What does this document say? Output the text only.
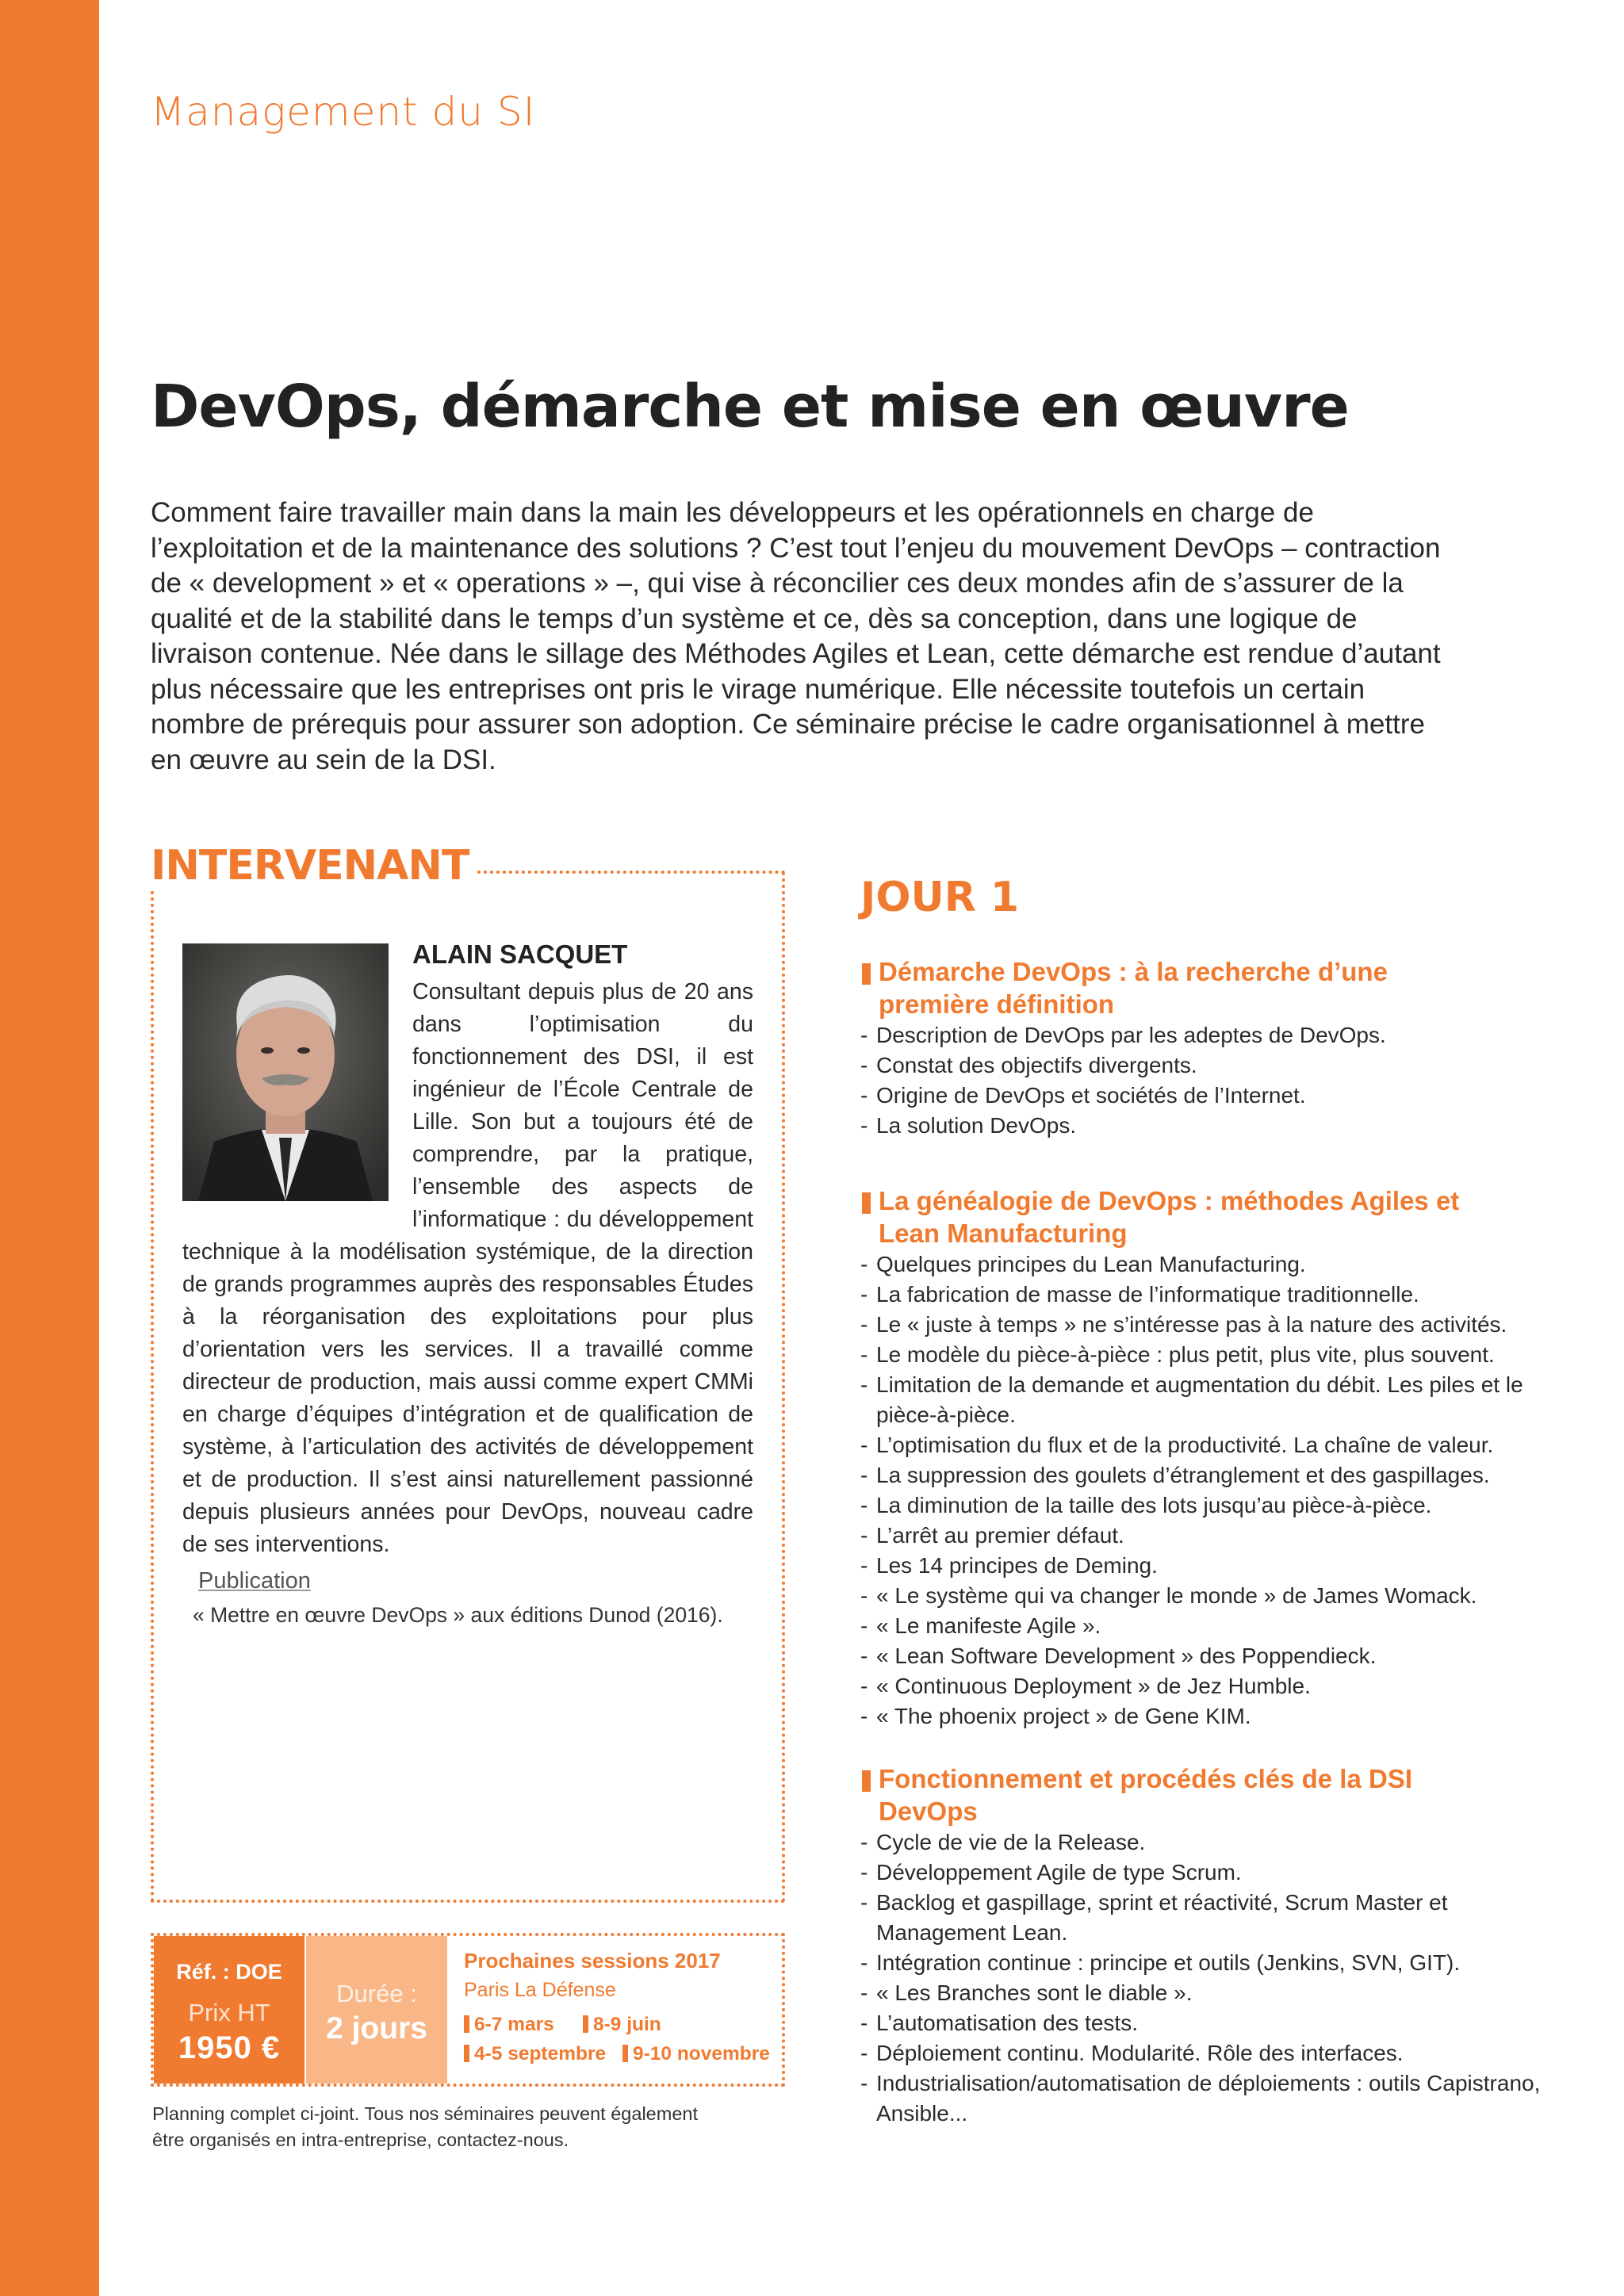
Management du SI
DevOps, démarche et mise en œuvre
Comment faire travailler main dans la main les développeurs et les opérationnels en charge de
l’exploitation et de la maintenance des solutions ? C’est tout l’enjeu du mouvement DevOps – contraction
de « development » et « operations » –, qui vise à réconcilier ces deux mondes afin de s’assurer de la
qualité et de la stabilité dans le temps d’un système et ce, dès sa conception, dans une logique de
livraison contenue. Née dans le sillage des Méthodes Agiles et Lean, cette démarche est rendue d’autant
plus nécessaire que les entreprises ont pris le virage numérique. Elle nécessite toutefois un certain
nombre de prérequis pour assurer son adoption. Ce séminaire précise le cadre organisationnel à mettre
en œuvre au sein de la DSI.
INTERVENANT
ALAIN SACQUET
Consultant depuis plus de 20 ans dans l’optimisation du fonctionnement des DSI, il est ingénieur de l’École Centrale de Lille. Son but a toujours été de comprendre, par la pratique, l’ensemble des aspects de l’informatique : du développement technique à la modélisation systémique, de la direction de grands programmes auprès des responsables Études à la réorganisation des exploitations pour plus d’orientation vers les services. Il a travaillé comme directeur de production, mais aussi comme expert CMMi en charge d’équipes d’intégration et de qualification de système, à l’articulation des activités de développement et de production. Il s’est ainsi naturellement passionné depuis plusieurs années pour DevOps, nouveau cadre de ses interventions.
Publication
« Mettre en œuvre DevOps » aux éditions Dunod (2016).
Réf. : DOE
Prix HT
1950 €
Durée :
2 jours
Prochaines sessions 2017
Paris La Défense
6-7 mars	8-9 juin
4-5 septembre	9-10 novembre
Planning complet ci-joint. Tous nos séminaires peuvent également
être organisés en intra-entreprise, contactez-nous.
JOUR 1
Démarche DevOps : à la recherche d’une
première définition
- Description de DevOps par les adeptes de DevOps.
- Constat des objectifs divergents.
- Origine de DevOps et sociétés de l’Internet.
- La solution DevOps.
La généalogie de DevOps : méthodes Agiles et
Lean Manufacturing
- Quelques principes du Lean Manufacturing.
- La fabrication de masse de l’informatique traditionnelle.
- Le « juste à temps » ne s’intéresse pas à la nature des activités.
- Le modèle du pièce-à-pièce : plus petit, plus vite, plus souvent.
- Limitation de la demande et augmentation du débit. Les piles et le pièce-à-pièce.
- L’optimisation du flux et de la productivité. La chaîne de valeur.
- La suppression des goulets d’étranglement et des gaspillages.
- La diminution de la taille des lots jusqu’au pièce-à-pièce.
- L’arrêt au premier défaut.
- Les 14 principes de Deming.
- « Le système qui va changer le monde » de James Womack.
- « Le manifeste Agile ».
- « Lean Software Development » des Poppendieck.
- « Continuous Deployment » de Jez Humble.
- « The phoenix project » de Gene KIM.
Fonctionnement et procédés clés de la DSI
DevOps
- Cycle de vie de la Release.
- Développement Agile de type Scrum.
- Backlog et gaspillage, sprint et réactivité, Scrum Master et Management Lean.
- Intégration continue : principe et outils (Jenkins, SVN, GIT).
- « Les Branches sont le diable ».
- L’automatisation des tests.
- Déploiement continu. Modularité. Rôle des interfaces.
- Industrialisation/automatisation de déploiements : outils Capistrano, Ansible...
